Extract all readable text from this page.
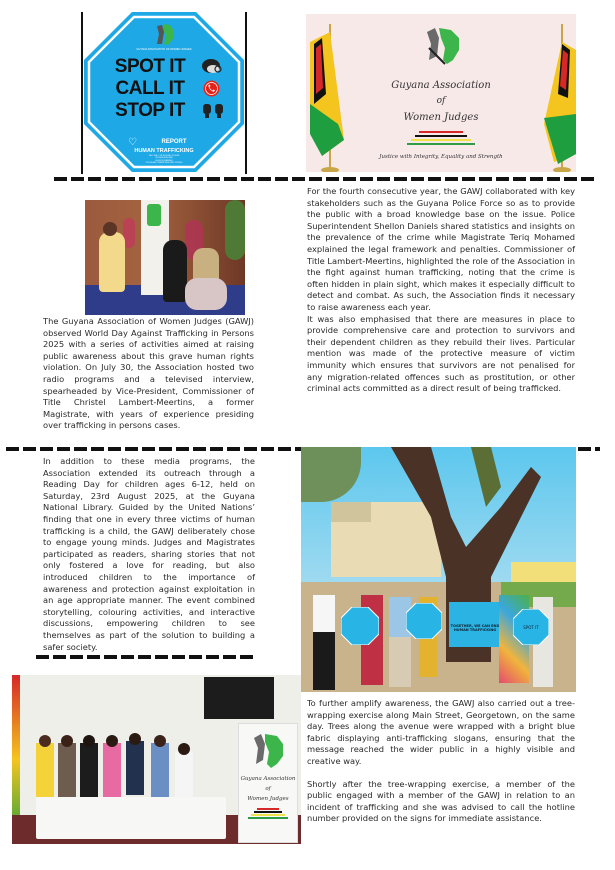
GUYANA ASSOCIATION OF WOMEN JUDGES
SPOT IT
CALL IT
STOP IT
♡	REPORT
HUMAN TRAFFICKING
CALL THE C-TIP HOTLINE: 227-4083
623-5030 (ENGLISH)
624-9570 (SPANISH)
POLICE ANTI TRAFFICKING UNIT: 225-3650
Guyana Association
of
Women Judges
Justice with Integrity, Equality and Strength

The Guyana Association of Women Judges (GAWJ) observed World Day Against Trafficking in Persons 2025 with a series of activities aimed at raising public awareness about this grave human rights violation. On July 30, the Association hosted two radio programs and a televised interview, spearheaded by Vice-President, Commissioner of Title Christel Lambert-Meertins, a former Magistrate, with years of experience presiding over trafficking in persons cases.

For the fourth consecutive year, the GAWJ collaborated with key stakeholders such as the Guyana Police Force so as to provide the public with a broad knowledge base on the issue. Police Superintendent Shellon Daniels shared statistics and insights on the prevalence of the crime while Magistrate Teriq Mohamed explained the legal framework and penalties. Commissioner of Title Lambert-Meertins, highlighted the role of the Association in the fight against human trafficking, noting that the crime is often hidden in plain sight, which makes it especially difficult to detect and combat. As such, the Association finds it necessary to raise awareness each year.

It was also emphasised that there are measures in place to provide comprehensive care and protection to survivors and their dependent children as they rebuild their lives. Particular mention was made of the protective measure of victim immunity which ensures that survivors are not penalised for any migration-related offences such as prostitution, or other criminal acts committed as a direct result of being trafficked.

In addition to these media programs, the Association extended its outreach through a Reading Day for children ages 6-12, held on Saturday, 23rd August 2025, at the Guyana National Library. Guided by the United Nations’ finding that one in every three victims of human trafficking is a child, the GAWJ deliberately chose to engage young minds. Judges and Magistrates participated as readers, sharing stories that not only fostered a love for reading, but also introduced children to the importance of awareness and protection against exploitation in an age appropriate manner. The event combined storytelling, colouring activities, and interactive discussions, empowering children to see themselves as part of the solution to building a safer society.

TOGETHER, WE CAN END HUMAN TRAFFICKING	SPOT IT

To further amplify awareness, the GAWJ also carried out a tree-wrapping exercise along Main Street, Georgetown, on the same day. Trees along the avenue were wrapped with a bright blue fabric displaying anti-trafficking slogans, ensuring that the message reached the wider public in a highly visible and creative way.

Shortly after the tree-wrapping exercise, a member of the public engaged with a member of the GAWJ in relation to an incident of trafficking and she was advised to call the hotline number provided on the signs for immediate assistance.

Guyana Association
of
Women Judges
